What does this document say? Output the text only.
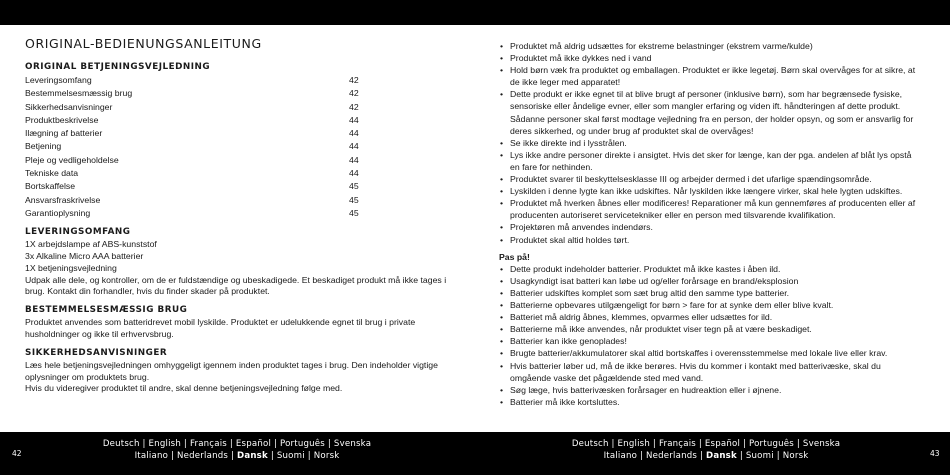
ORIGINAL-BEDIENUNGSANLEITUNG
ORIGINAL BETJENINGSVEJLEDNING
Leveringsomfang	42
Bestemmelsesmæssig brug	42
Sikkerhedsanvisninger	42
Produktbeskrivelse	44
Ilægning af batterier	44
Betjening	44
Pleje og vedligeholdelse	44
Tekniske data	44
Bortskaffelse	45
Ansvarsfraskrivelse	45
Garantioplysning	45
LEVERINGSOMFANG
1X arbejdslampe af ABS-kunststof
3x Alkaline Micro AAA batterier
1X betjeningsvejledning
Udpak alle dele, og kontroller, om de er fuldstændige og ubeskadigede. Et beskadiget produkt må ikke tages i brug. Kontakt din forhandler, hvis du finder skader på produktet.
BESTEMMELSESMÆSSIG BRUG
Produktet anvendes som batteridrevet mobil lyskilde. Produktet er udelukkende egnet til brug i private husholdninger og ikke til erhvervsbrug.
SIKKERHEDSANVISNINGER
Læs hele betjeningsvejledningen omhyggeligt igennem inden produktet tages i brug. Den indeholder vigtige oplysninger om produktets brug.
Hvis du videregiver produktet til andre, skal denne betjeningsvejledning følge med.
• Produktet må aldrig udsættes for ekstreme belastninger (ekstrem varme/kulde)
• Produktet må ikke dykkes ned i vand
• Hold børn væk fra produktet og emballagen. Produktet er ikke legetøj. Børn skal overvåges for at sikre, at de ikke leger med apparatet!
• Dette produkt er ikke egnet til at blive brugt af personer (inklusive børn), som har begrænsede fysiske, sensoriske eller åndelige evner, eller som mangler erfaring og viden ift. håndteringen af dette produkt. Sådanne personer skal først modtage vejledning fra en person, der holder opsyn, og som er ansvarlig for deres sikkerhed, og under brug af produktet skal de overvåges!
• Se ikke direkte ind i lysstrålen.
• Lys ikke andre personer direkte i ansigtet. Hvis det sker for længe, kan der pga. andelen af blåt lys opstå en fare for nethinden.
• Produktet svarer til beskyttelsesklasse III og arbejder dermed i det ufarlige spændingsområde.
• Lyskilden i denne lygte kan ikke udskiftes. Når lyskilden ikke længere virker, skal hele lygten udskiftes.
• Produktet må hverken åbnes eller modificeres! Reparationer må kun gennemføres af producenten eller af producenten autoriseret servicetekniker eller en person med tilsvarende kvalifikation.
• Projektøren må anvendes indendørs.
• Produktet skal altid holdes tørt.
Pas på!
• Dette produkt indeholder batterier. Produktet må ikke kastes i åben ild.
• Usagkyndigt isat batteri kan løbe ud og/eller forårsage en brand/eksplosion
• Batterier udskiftes komplet som sæt brug altid den samme type batterier.
• Batterierne opbevares utilgængeligt for børn > fare for at synke dem eller blive kvalt.
• Batteriet må aldrig åbnes, klemmes, opvarmes eller udsættes for ild.
• Batterierne må ikke anvendes, når produktet viser tegn på at være beskadiget.
• Batterier kan ikke genoplades!
• Brugte batterier/akkumulatorer skal altid bortskaffes i overensstemmelse med lokale live eller krav.
• Hvis batterier løber ud, må de ikke berøres. Hvis du kommer i kontakt med batterivæske, skal du omgående vaske det pågældende sted med vand.
• Søg læge, hvis batterivæsken forårsager en hudreaktion eller i øjnene.
• Batterier må ikke kortsluttes.
42
Deutsch | English | Français | Español | Português | Svenska
Italiano | Nederlands | Dansk | Suomi | Norsk
Deutsch | English | Français | Español | Português | Svenska
Italiano | Nederlands | Dansk | Suomi | Norsk	43
